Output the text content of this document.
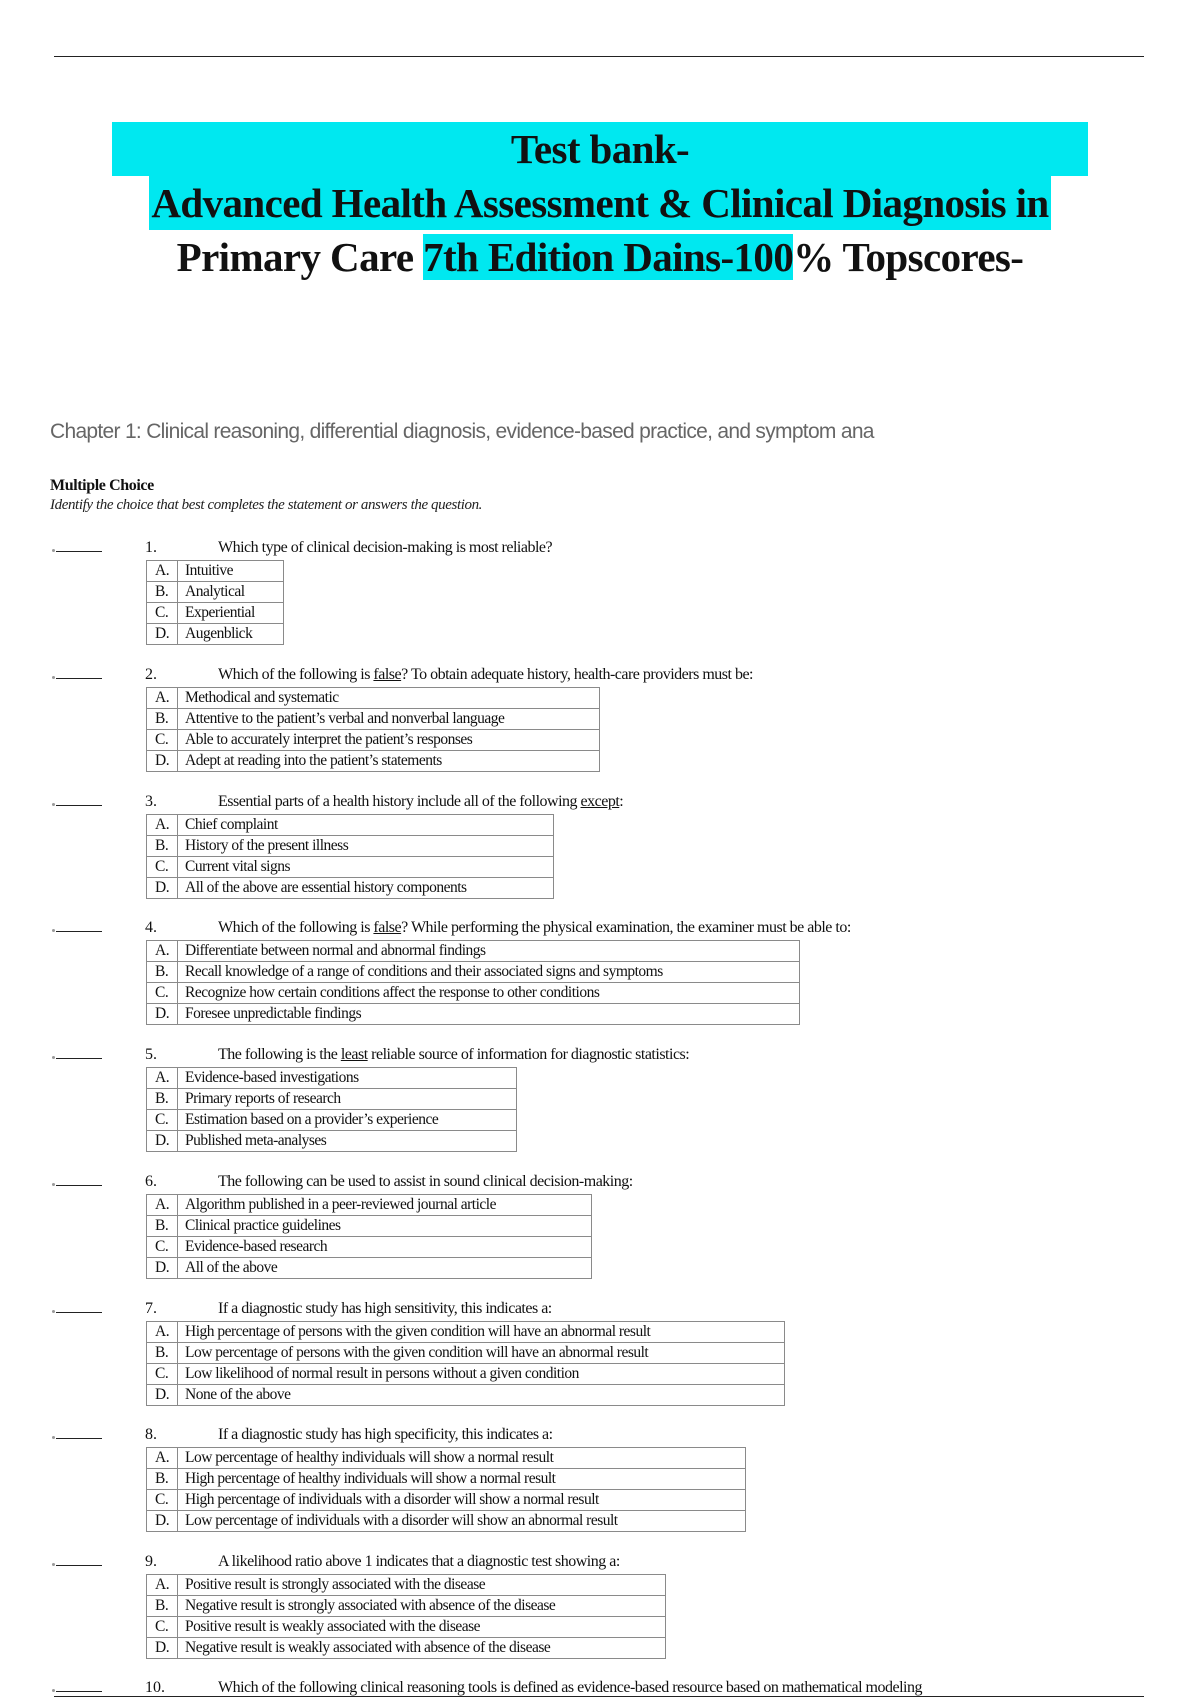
Test bank-
Advanced Health Assessment & Clinical Diagnosis in
Primary Care 7th Edition Dains-100% Topscores-
Chapter 1: Clinical reasoning, differential diagnosis, evidence-based practice, and symptom ana
Multiple Choice
Identify the choice that best completes the statement or answers the question.
1.	Which type of clinical decision-making is most reliable?
A.	Intuitive
B.	Analytical
C.	Experiential
D.	Augenblick
2.	Which of the following is false? To obtain adequate history, health-care providers must be:
A.	Methodical and systematic
B.	Attentive to the patient’s verbal and nonverbal language
C.	Able to accurately interpret the patient’s responses
D.	Adept at reading into the patient’s statements
3.	Essential parts of a health history include all of the following except:
A.	Chief complaint
B.	History of the present illness
C.	Current vital signs
D.	All of the above are essential history components
4.	Which of the following is false? While performing the physical examination, the examiner must be able to:
A.	Differentiate between normal and abnormal findings
B.	Recall knowledge of a range of conditions and their associated signs and symptoms
C.	Recognize how certain conditions affect the response to other conditions
D.	Foresee unpredictable findings
5.	The following is the least reliable source of information for diagnostic statistics:
A.	Evidence-based investigations
B.	Primary reports of research
C.	Estimation based on a provider’s experience
D.	Published meta-analyses
6.	The following can be used to assist in sound clinical decision-making:
A.	Algorithm published in a peer-reviewed journal article
B.	Clinical practice guidelines
C.	Evidence-based research
D.	All of the above
7.	If a diagnostic study has high sensitivity, this indicates a:
A.	High percentage of persons with the given condition will have an abnormal result
B.	Low percentage of persons with the given condition will have an abnormal result
C.	Low likelihood of normal result in persons without a given condition
D.	None of the above
8.	If a diagnostic study has high specificity, this indicates a:
A.	Low percentage of healthy individuals will show a normal result
B.	High percentage of healthy individuals will show a normal result
C.	High percentage of individuals with a disorder will show a normal result
D.	Low percentage of individuals with a disorder will show an abnormal result
9.	A likelihood ratio above 1 indicates that a diagnostic test showing a:
A.	Positive result is strongly associated with the disease
B.	Negative result is strongly associated with absence of the disease
C.	Positive result is weakly associated with the disease
D.	Negative result is weakly associated with absence of the disease
10.	Which of the following clinical reasoning tools is defined as evidence-based resource based on mathematical modeling
